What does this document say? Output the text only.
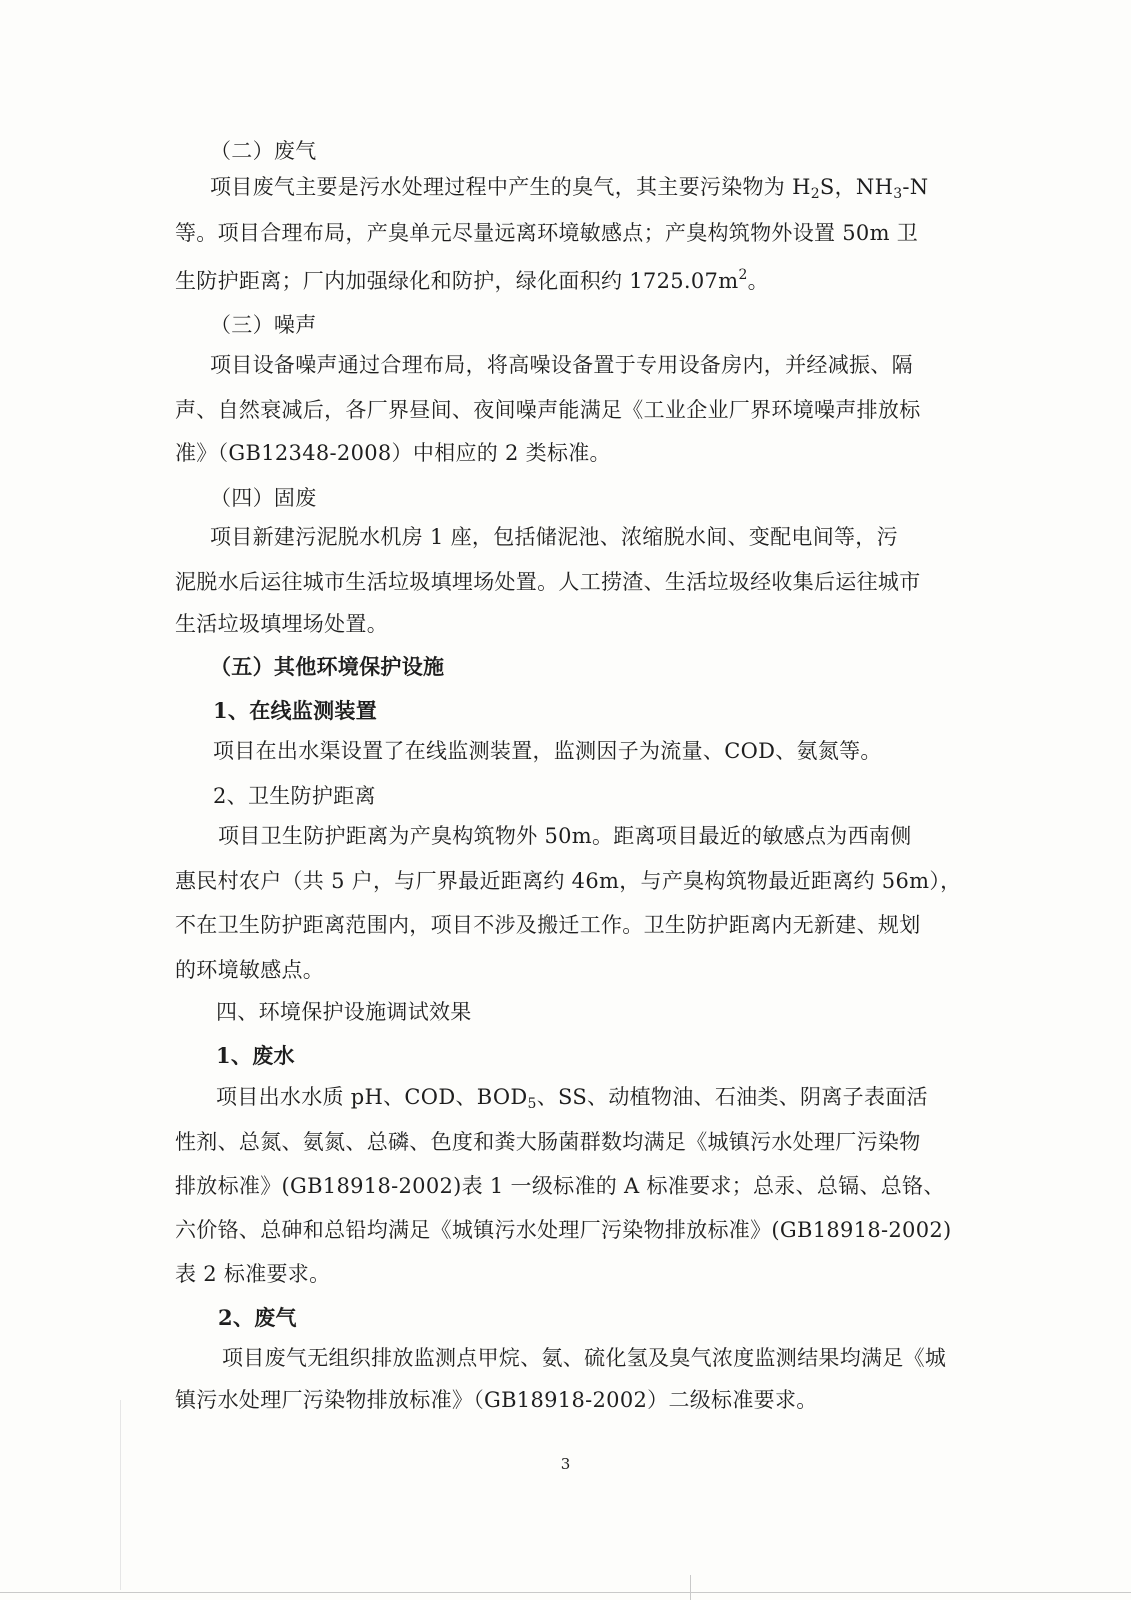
（二）废气
项目废气主要是污水处理过程中产生的臭气，其主要污染物为 $H_2S$，$NH_3-N$
等。项目合理布局，产臭单元尽量远离环境敏感点；产臭构筑物外设置 50m 卫
生防护距离；厂内加强绿化和防护，绿化面积约 $1725.07m^2$。
（三）噪声
项目设备噪声通过合理布局，将高噪设备置于专用设备房内，并经减振、隔
声、自然衰减后，各厂界昼间、夜间噪声能满足《工业企业厂界环境噪声排放标
准》（GB12348-2008）中相应的 2 类标准。
（四）固废
项目新建污泥脱水机房 1 座，包括储泥池、浓缩脱水间、变配电间等，污
泥脱水后运往城市生活垃圾填埋场处置。人工捞渣、生活垃圾经收集后运往城市
生活垃圾填埋场处置。
（五）其他环境保护设施
1、在线监测装置
项目在出水渠设置了在线监测装置，监测因子为流量、COD、氨氮等。
2、卫生防护距离
项目卫生防护距离为产臭构筑物外 50m。距离项目最近的敏感点为西南侧
惠民村农户（共 5 户，与厂界最近距离约 46m，与产臭构筑物最近距离约 56m），
不在卫生防护距离范围内，项目不涉及搬迁工作。卫生防护距离内无新建、规划
的环境敏感点。
四、环境保护设施调试效果
1、废水
项目出水水质 pH、COD、$BOD_5$、SS、动植物油、石油类、阴离子表面活
性剂、总氮、氨氮、总磷、色度和粪大肠菌群数均满足《城镇污水处理厂污染物
排放标准》(GB18918-2002)表 1 一级标准的 A 标准要求；总汞、总镉、总铬、
六价铬、总砷和总铅均满足《城镇污水处理厂污染物排放标准》(GB18918-2002)
表 2 标准要求。
2、废气
项目废气无组织排放监测点甲烷、氨、硫化氢及臭气浓度监测结果均满足《城
镇污水处理厂污染物排放标准》（GB18918-2002）二级标准要求。
3
